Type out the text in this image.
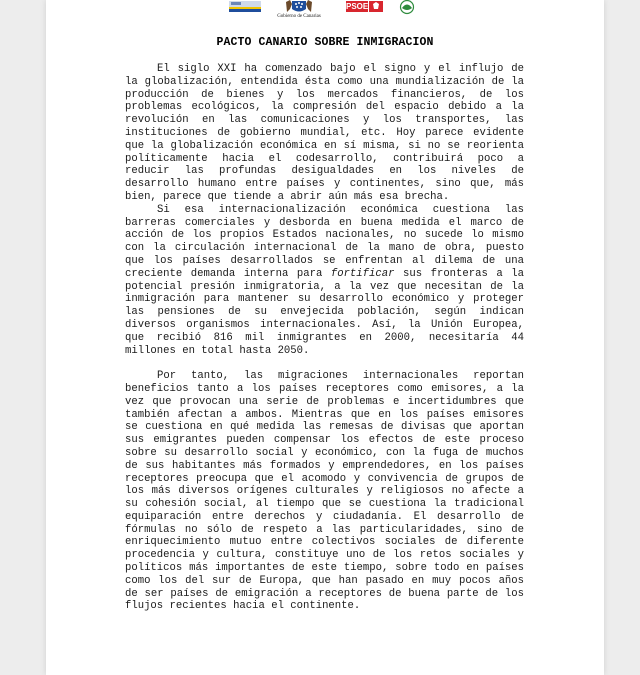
Gobierno de Canarias
PSOE
PACTO CANARIO SOBRE INMIGRACION

El siglo XXI ha comenzado bajo el signo y el influjo de la globalización, entendida ésta como una mundialización de la producción de bienes y los mercados financieros, de los problemas ecológicos, la compresión del espacio debido a la revolución en las comunicaciones y los transportes, las instituciones de gobierno mundial, etc. Hoy parece evidente que la globalización económica en sí misma, si no se reorienta políticamente hacia el codesarrollo, contribuirá poco a reducir las profundas desigualdades en los niveles de desarrollo humano entre países y continentes, sino que, más bien, parece que tiende a abrir aún más esa brecha.

Si esa internacionalización económica cuestiona las barreras comerciales y desborda en buena medida el marco de acción de los propios Estados nacionales, no sucede lo mismo con la circulación internacional de la mano de obra, puesto que los países desarrollados se enfrentan al dilema de una creciente demanda interna para fortificar sus fronteras a la potencial presión inmigratoria, a la vez que necesitan de la inmigración para mantener su desarrollo económico y proteger las pensiones de su envejecida población, según indican diversos organismos internacionales. Así, la Unión Europea, que recibió 816 mil inmigrantes en 2000, necesitaría 44 millones en total hasta 2050.

Por tanto, las migraciones internacionales reportan beneficios tanto a los países receptores como emisores, a la vez que provocan una serie de problemas e incertidumbres que también afectan a ambos. Mientras que en los países emisores se cuestiona en qué medida las remesas de divisas que aportan sus emigrantes pueden compensar los efectos de este proceso sobre su desarrollo social y económico, con la fuga de muchos de sus habitantes más formados y emprendedores, en los países receptores preocupa que el acomodo y convivencia de grupos de los más diversos orígenes culturales y religiosos no afecte a su cohesión social, al tiempo que se cuestiona la tradicional equiparación entre derechos y ciudadanía. El desarrollo de fórmulas no sólo de respeto a las particularidades, sino de enriquecimiento mutuo entre colectivos sociales de diferente procedencia y cultura, constituye uno de los retos sociales y políticos más importantes de este tiempo, sobre todo en países como los del sur de Europa, que han pasado en muy pocos años de ser países de emigración a receptores de buena parte de los flujos recientes hacia el continente.
